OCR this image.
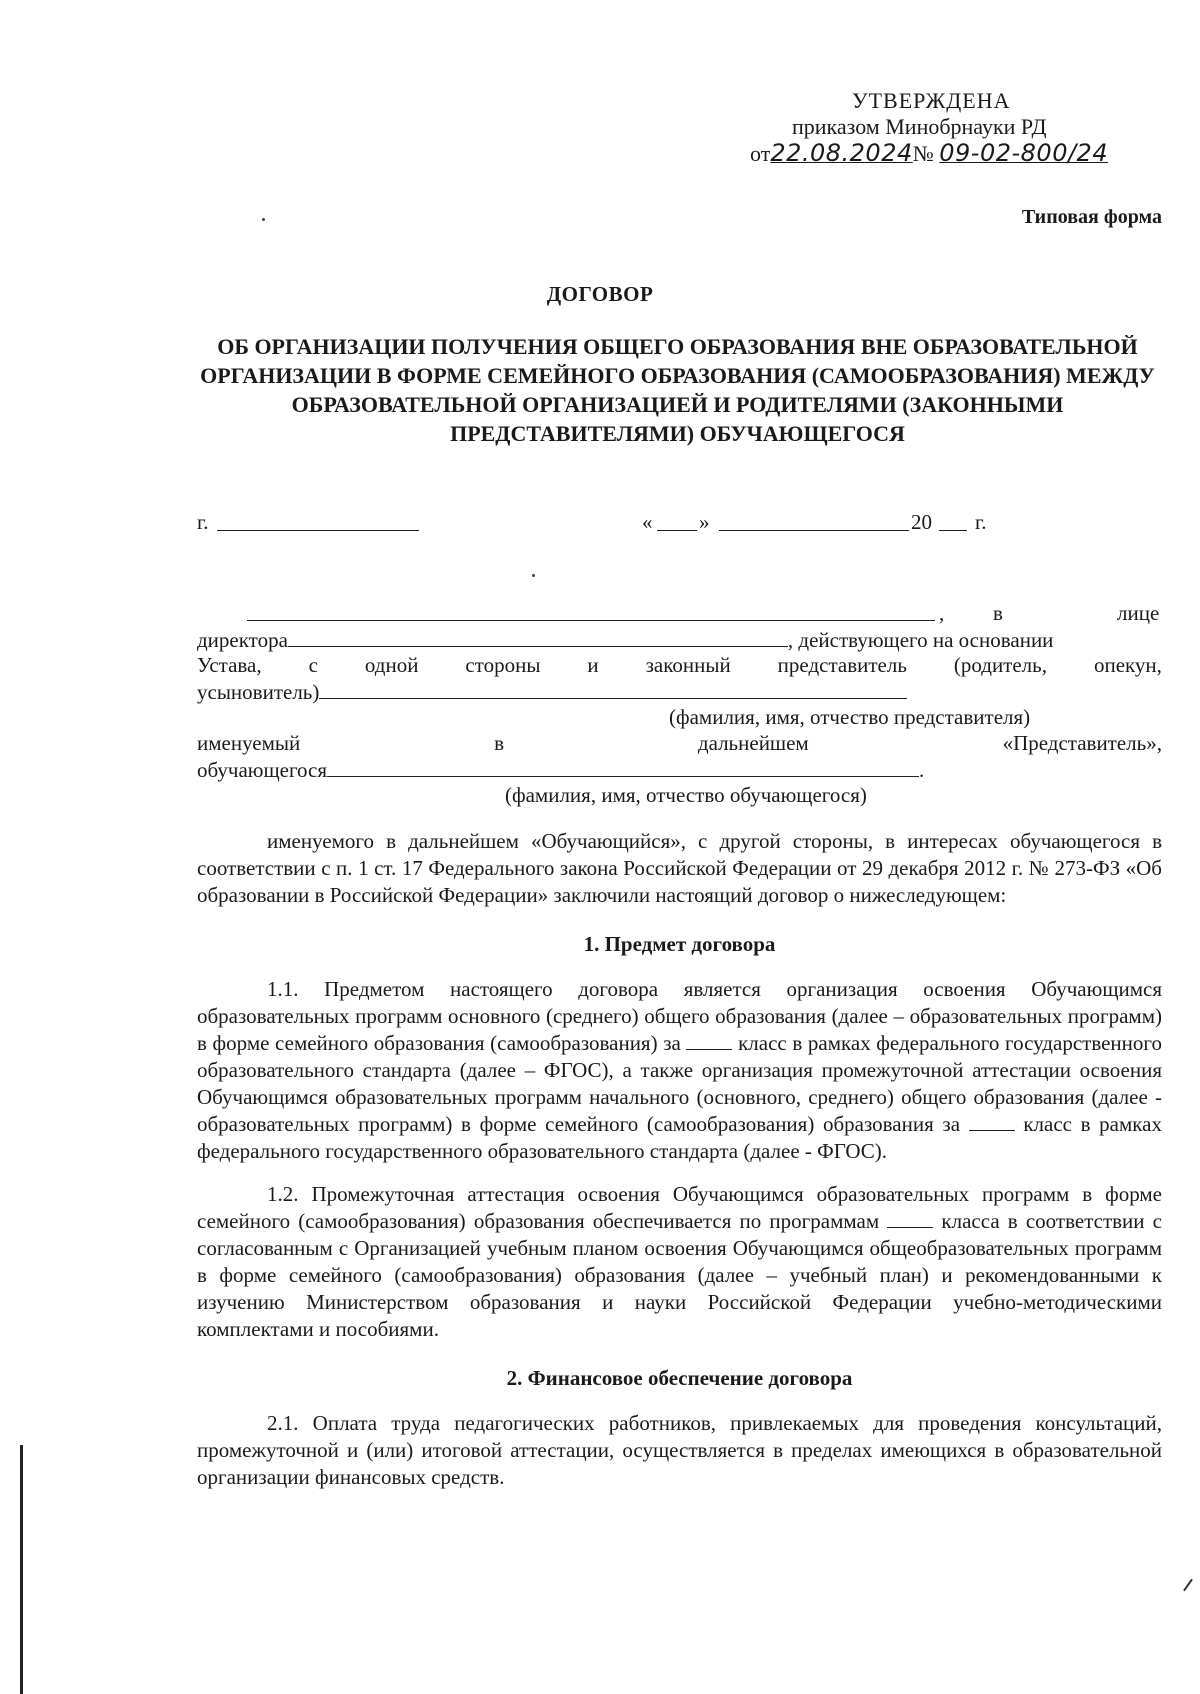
УТВЕРЖДЕНА
приказом Минобрнауки РД
от22.08.2024№ 09-02-800/24
Типовая форма
ДОГОВОР

ОБ ОРГАНИЗАЦИИ ПОЛУЧЕНИЯ ОБЩЕГО ОБРАЗОВАНИЯ ВНЕ ОБРАЗОВАТЕЛЬНОЙ ОРГАНИЗАЦИИ В ФОРМЕ СЕМЕЙНОГО ОБРАЗОВАНИЯ (САМООБРАЗОВАНИЯ) МЕЖДУ ОБРАЗОВАТЕЛЬНОЙ ОРГАНИЗАЦИЕЙ И РОДИТЕЛЯМИ (ЗАКОННЫМИ ПРЕДСТАВИТЕЛЯМИ) ОБУЧАЮЩЕГОСЯ

г.	« »	20 г.
, в	лице
директора	, действующего на основании
Устава, с одной стороны и законный представитель (родитель, опекун,
усыновитель)
(фамилия, имя, отчество представителя)
именуемый	в	дальнейшем	«Представитель»,
обучающегося	.
(фамилия, имя, отчество обучающегося)

именуемого в дальнейшем «Обучающийся», с другой стороны, в интересах обучающегося в соответствии с п. 1 ст. 17 Федерального закона Российской Федерации от 29 декабря 2012 г. № 273-ФЗ «Об образовании в Российской Федерации» заключили настоящий договор о нижеследующем:

1. Предмет договора

1.1. Предметом настоящего договора является организация освоения Обучающимся образовательных программ основного (среднего) общего образования (далее – образовательных программ) в форме семейного образования (самообразования) за	класс в рамках федерального государственного образовательного стандарта (далее – ФГОС), а также организация промежуточной аттестации освоения Обучающимся образовательных программ начального (основного, среднего) общего образования (далее - образовательных программ) в форме семейного (самообразования) образования за	класс в рамках федерального государственного образовательного стандарта (далее - ФГОС).

1.2. Промежуточная аттестация освоения Обучающимся образовательных программ в форме семейного (самообразования) образования обеспечивается по программам	класса в соответствии с согласованным с Организацией учебным планом освоения Обучающимся общеобразовательных программ в форме семейного (самообразования) образования (далее – учебный план) и рекомендованными к изучению Министерством образования и науки Российской Федерации учебно-методическими комплектами и пособиями.

2. Финансовое обеспечение договора

2.1. Оплата труда педагогических работников, привлекаемых для проведения консультаций, промежуточной и (или) итоговой аттестации, осуществляется в пределах имеющихся в образовательной организации финансовых средств.
